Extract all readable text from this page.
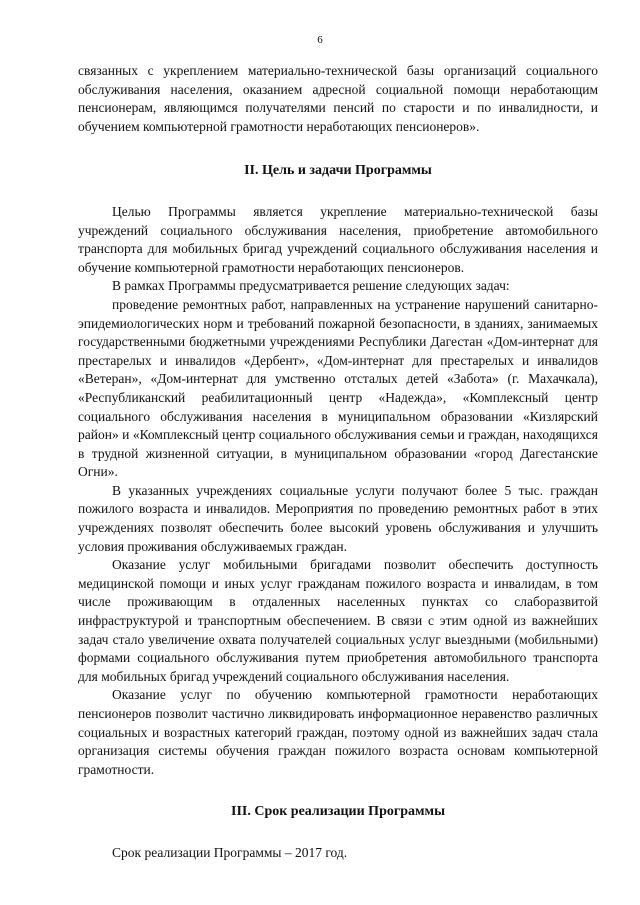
6

связанных с укреплением материально-технической базы организаций социального обслуживания населения, оказанием адресной социальной помощи неработающим пенсионерам, являющимся получателями пенсий по старости и по инвалидности, и обучением компьютерной грамотности неработающих пенсионеров».

II. Цель и задачи Программы

Целью Программы является укрепление материально-технической базы учреждений социального обслуживания населения, приобретение автомобильного транспорта для мобильных бригад учреждений социального обслуживания населения и обучение компьютерной грамотности неработающих пенсионеров.

В рамках Программы предусматривается решение следующих задач:

проведение ремонтных работ, направленных на устранение нарушений санитарно-эпидемиологических норм и требований пожарной безопасности, в зданиях, занимаемых государственными бюджетными учреждениями Республики Дагестан «Дом-интернат для престарелых и инвалидов «Дербент», «Дом-интернат для престарелых и инвалидов «Ветеран», «Дом-интернат для умственно отсталых детей «Забота» (г. Махачкала), «Республиканский реабилитационный центр «Надежда», «Комплексный центр социального обслуживания населения в муниципальном образовании «Кизлярский район» и «Комплексный центр социального обслуживания семьи и граждан, находящихся в трудной жизненной ситуации, в муниципальном образовании «город Дагестанские Огни».

В указанных учреждениях социальные услуги получают более 5 тыс. граждан пожилого возраста и инвалидов. Мероприятия по проведению ремонтных работ в этих учреждениях позволят обеспечить более высокий уровень обслуживания и улучшить условия проживания обслуживаемых граждан.

Оказание услуг мобильными бригадами позволит обеспечить доступность медицинской помощи и иных услуг гражданам пожилого возраста и инвалидам, в том числе проживающим в отдаленных населенных пунктах со слаборазвитой инфраструктурой и транспортным обеспечением. В связи с этим одной из важнейших задач стало увеличение охвата получателей социальных услуг выездными (мобильными) формами социального обслуживания путем приобретения автомобильного транспорта для мобильных бригад учреждений социального обслуживания населения.

Оказание услуг по обучению компьютерной грамотности неработающих пенсионеров позволит частично ликвидировать информационное неравенство различных социальных и возрастных категорий граждан, поэтому одной из важнейших задач стала организация системы обучения граждан пожилого возраста основам компьютерной грамотности.

III. Срок реализации Программы

Срок реализации Программы – 2017 год.
